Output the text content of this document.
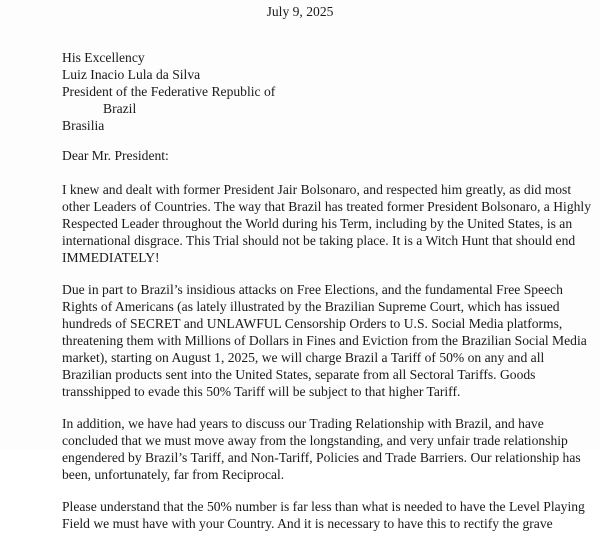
July 9, 2025
His Excellency
Luiz Inacio Lula da Silva
President of the Federative Republic of
Brazil
Brasilia
Dear Mr. President:

I knew and dealt with former President Jair Bolsonaro, and respected him greatly, as did most
other Leaders of Countries. The way that Brazil has treated former President Bolsonaro, a Highly
Respected Leader throughout the World during his Term, including by the United States, is an
international disgrace. This Trial should not be taking place. It is a Witch Hunt that should end
IMMEDIATELY!

Due in part to Brazil’s insidious attacks on Free Elections, and the fundamental Free Speech
Rights of Americans (as lately illustrated by the Brazilian Supreme Court, which has issued
hundreds of SECRET and UNLAWFUL Censorship Orders to U.S. Social Media platforms,
threatening them with Millions of Dollars in Fines and Eviction from the Brazilian Social Media
market), starting on August 1, 2025, we will charge Brazil a Tariff of 50% on any and all
Brazilian products sent into the United States, separate from all Sectoral Tariffs. Goods
transshipped to evade this 50% Tariff will be subject to that higher Tariff.

In addition, we have had years to discuss our Trading Relationship with Brazil, and have
concluded that we must move away from the longstanding, and very unfair trade relationship
engendered by Brazil’s Tariff, and Non-Tariff, Policies and Trade Barriers. Our relationship has
been, unfortunately, far from Reciprocal.

Please understand that the 50% number is far less than what is needed to have the Level Playing
Field we must have with your Country. And it is necessary to have this to rectify the grave
